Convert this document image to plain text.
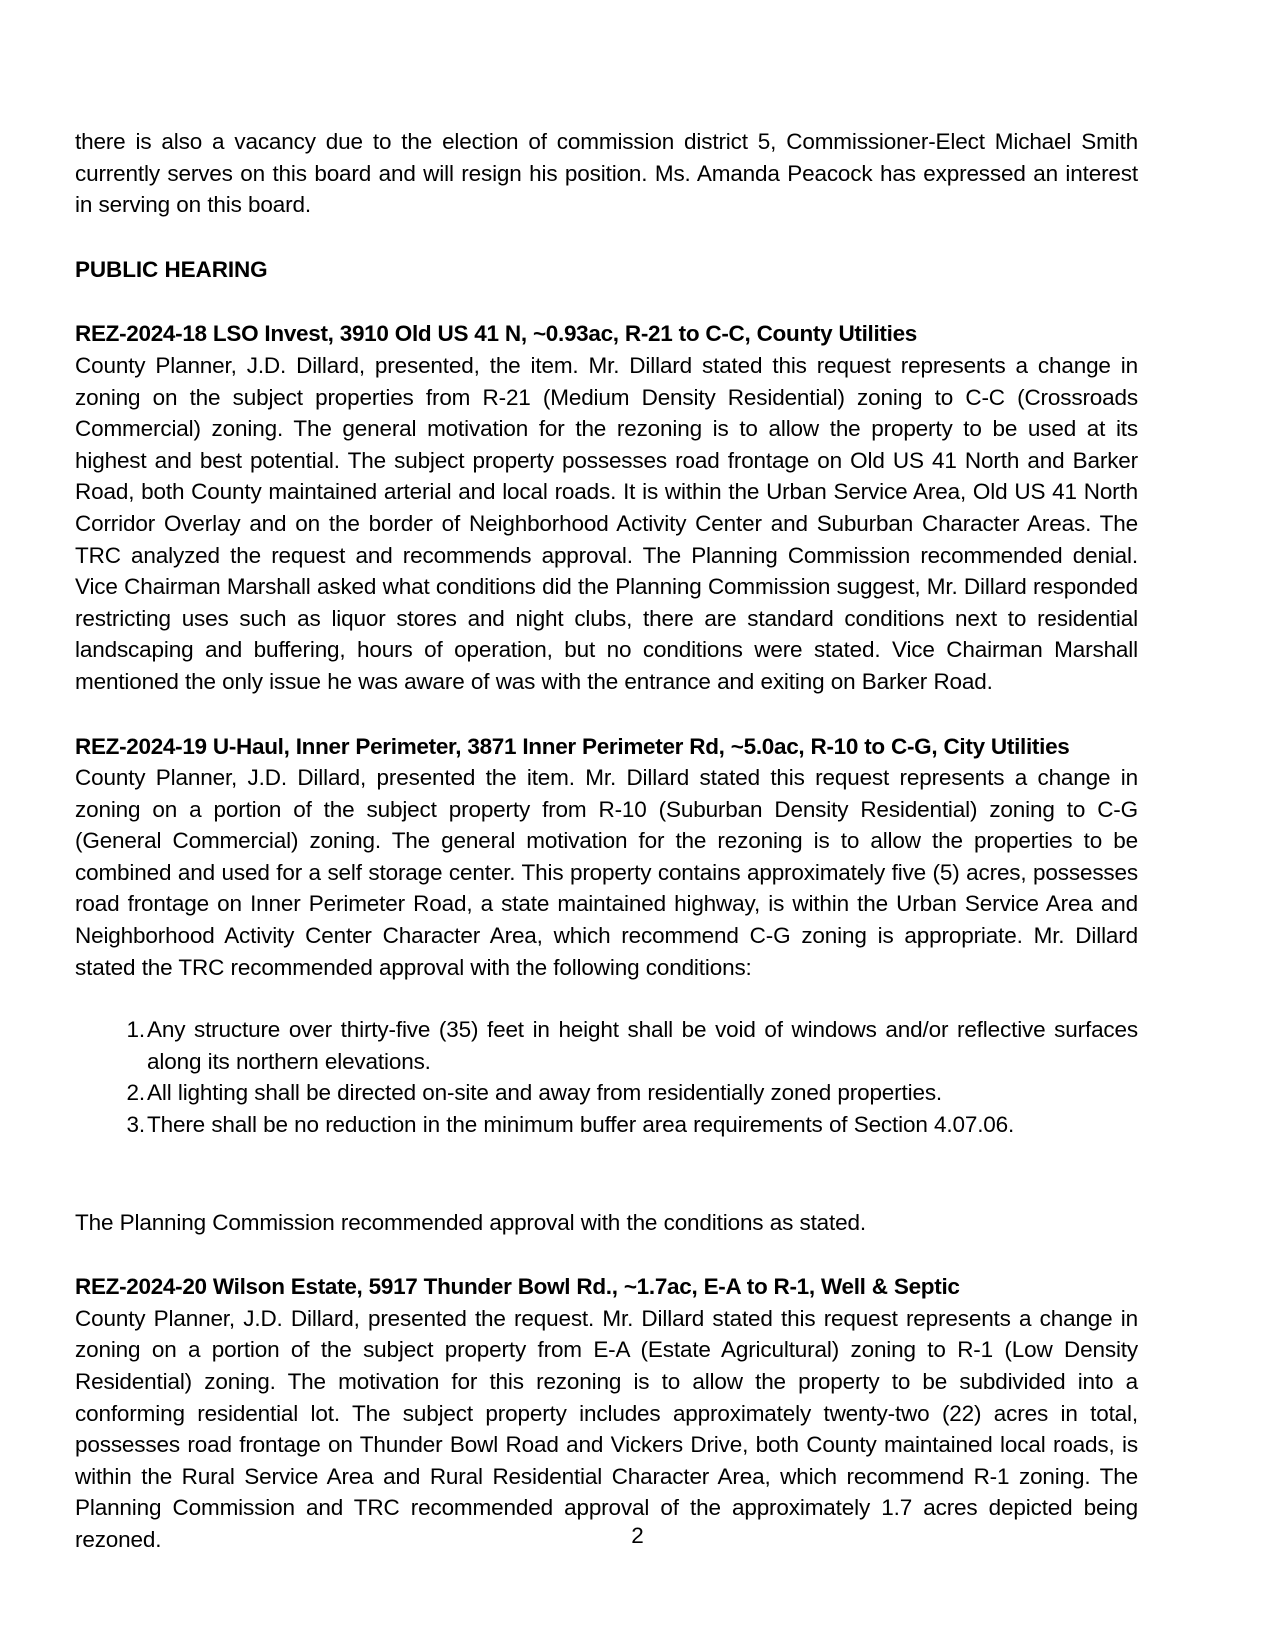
there is also a vacancy due to the election of commission district 5, Commissioner-Elect Michael Smith currently serves on this board and will resign his position. Ms. Amanda Peacock has expressed an interest in serving on this board.

PUBLIC HEARING

REZ-2024-18 LSO Invest, 3910 Old US 41 N, ~0.93ac, R-21 to C-C, County Utilities

County Planner, J.D. Dillard, presented, the item. Mr. Dillard stated this request represents a change in zoning on the subject properties from R-21 (Medium Density Residential) zoning to C-C (Crossroads Commercial) zoning. The general motivation for the rezoning is to allow the property to be used at its highest and best potential. The subject property possesses road frontage on Old US 41 North and Barker Road, both County maintained arterial and local roads. It is within the Urban Service Area, Old US 41 North Corridor Overlay and on the border of Neighborhood Activity Center and Suburban Character Areas. The TRC analyzed the request and recommends approval. The Planning Commission recommended denial. Vice Chairman Marshall asked what conditions did the Planning Commission suggest, Mr. Dillard responded restricting uses such as liquor stores and night clubs, there are standard conditions next to residential landscaping and buffering, hours of operation, but no conditions were stated. Vice Chairman Marshall mentioned the only issue he was aware of was with the entrance and exiting on Barker Road.

REZ-2024-19 U-Haul, Inner Perimeter, 3871 Inner Perimeter Rd, ~5.0ac, R-10 to C-G, City Utilities

County Planner, J.D. Dillard, presented the item. Mr. Dillard stated this request represents a change in zoning on a portion of the subject property from R-10 (Suburban Density Residential) zoning to C-G (General Commercial) zoning. The general motivation for the rezoning is to allow the properties to be combined and used for a self storage center. This property contains approximately five (5) acres, possesses road frontage on Inner Perimeter Road, a state maintained highway, is within the Urban Service Area and Neighborhood Activity Center Character Area, which recommend C-G zoning is appropriate. Mr. Dillard stated the TRC recommended approval with the following conditions:

Any structure over thirty-five (35) feet in height shall be void of windows and/or reflective surfaces along its northern elevations.
All lighting shall be directed on-site and away from residentially zoned properties.
There shall be no reduction in the minimum buffer area requirements of Section 4.07.06.

The Planning Commission recommended approval with the conditions as stated.

REZ-2024-20 Wilson Estate, 5917 Thunder Bowl Rd., ~1.7ac, E-A to R-1, Well & Septic

County Planner, J.D. Dillard, presented the request. Mr. Dillard stated this request represents a change in zoning on a portion of the subject property from E-A (Estate Agricultural) zoning to R-1 (Low Density Residential) zoning. The motivation for this rezoning is to allow the property to be subdivided into a conforming residential lot. The subject property includes approximately twenty-two (22) acres in total, possesses road frontage on Thunder Bowl Road and Vickers Drive, both County maintained local roads, is within the Rural Service Area and Rural Residential Character Area, which recommend R-1 zoning. The Planning Commission and TRC recommended approval of the approximately 1.7 acres depicted being rezoned.	2
